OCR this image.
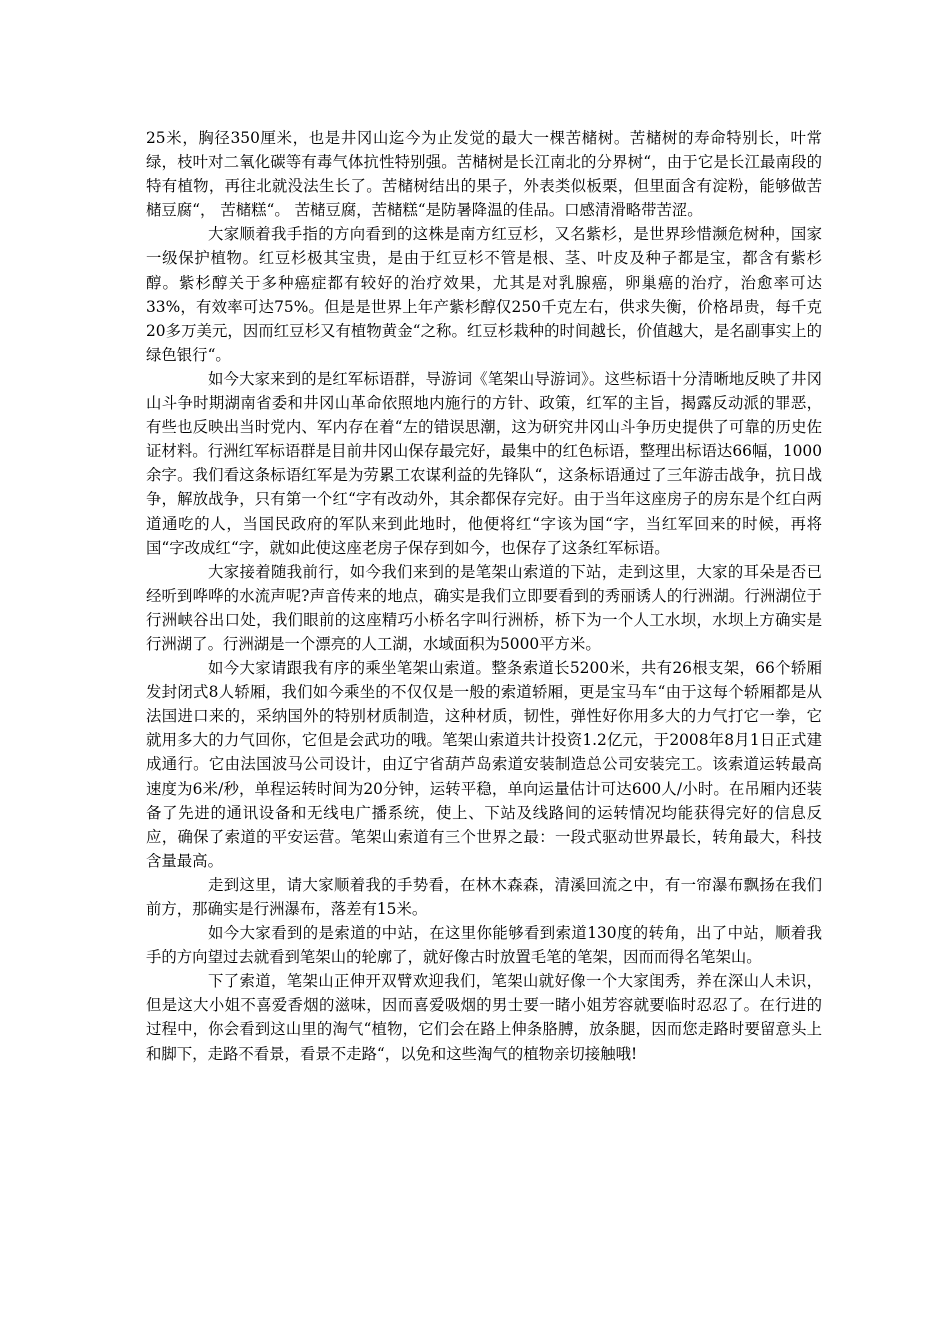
25米，胸径350厘米，也是井冈山迄今为止发觉的最大一棵苦槠树。苦槠树的寿命特别长，叶常绿，枝叶对二氧化碳等有毒气体抗性特别强。苦槠树是长江南北的分界树“，由于它是长江最南段的特有植物，再往北就没法生长了。苦槠树结出的果子，外表类似板栗，但里面含有淀粉，能够做苦槠豆腐“， 苦槠糕“。 苦槠豆腐，苦槠糕“是防暑降温的佳品。口感清滑略带苦涩。

大家顺着我手指的方向看到的这株是南方红豆杉，又名紫杉，是世界珍惜濒危树种，国家一级保护植物。红豆杉极其宝贵，是由于红豆杉不管是根、茎、叶皮及种子都是宝，都含有紫杉醇。紫杉醇关于多种癌症都有较好的治疗效果，尤其是对乳腺癌，卵巢癌的治疗，治愈率可达33%，有效率可达75%。但是是世界上年产紫杉醇仅250千克左右，供求失衡，价格昂贵，每千克20多万美元，因而红豆杉又有植物黄金“之称。红豆杉栽种的时间越长，价值越大，是名副事实上的绿色银行“。

如今大家来到的是红军标语群，导游词《笔架山导游词》。这些标语十分清晰地反映了井冈山斗争时期湖南省委和井冈山革命依照地内施行的方针、政策，红军的主旨，揭露反动派的罪恶，有些也反映出当时党内、军内存在着“左的错误思潮，这为研究井冈山斗争历史提供了可靠的历史佐证材料。行洲红军标语群是目前井冈山保存最完好，最集中的红色标语，整理出标语达66幅，1000余字。我们看这条标语红军是为劳累工农谋利益的先锋队“，这条标语通过了三年游击战争，抗日战争，解放战争，只有第一个红“字有改动外，其余都保存完好。由于当年这座房子的房东是个红白两道通吃的人，当国民政府的军队来到此地时，他便将红“字该为国“字，当红军回来的时候，再将国“字改成红“字，就如此使这座老房子保存到如今，也保存了这条红军标语。

大家接着随我前行，如今我们来到的是笔架山索道的下站，走到这里，大家的耳朵是否已经听到哗哗的水流声呢?声音传来的地点，确实是我们立即要看到的秀丽诱人的行洲湖。行洲湖位于行洲峡谷出口处，我们眼前的这座精巧小桥名字叫行洲桥，桥下为一个人工水坝，水坝上方确实是行洲湖了。行洲湖是一个漂亮的人工湖，水域面积为5000平方米。

如今大家请跟我有序的乘坐笔架山索道。整条索道长5200米，共有26根支架，66个轿厢发封闭式8人轿厢，我们如今乘坐的不仅仅是一般的索道轿厢，更是宝马车“由于这每个轿厢都是从法国进口来的，采纳国外的特别材质制造，这种材质，韧性，弹性好你用多大的力气打它一拳，它就用多大的力气回你，它但是会武功的哦。笔架山索道共计投资1.2亿元，于2008年8月1日正式建成通行。它由法国波马公司设计，由辽宁省葫芦岛索道安装制造总公司安装完工。该索道运转最高速度为6米/秒，单程运转时间为20分钟，运转平稳，单向运量估计可达600人/小时。在吊厢内还装备了先进的通讯设备和无线电广播系统，使上、下站及线路间的运转情况均能获得完好的信息反应，确保了索道的平安运营。笔架山索道有三个世界之最：一段式驱动世界最长，转角最大，科技含量最高。

走到这里，请大家顺着我的手势看，在林木森森，清溪回流之中，有一帘瀑布飘扬在我们前方，那确实是行洲瀑布，落差有15米。

如今大家看到的是索道的中站，在这里你能够看到索道130度的转角，出了中站，顺着我手的方向望过去就看到笔架山的轮廓了，就好像古时放置毛笔的笔架，因而而得名笔架山。

下了索道，笔架山正伸开双臂欢迎我们，笔架山就好像一个大家闺秀，养在深山人未识，但是这大小姐不喜爱香烟的滋味，因而喜爱吸烟的男士要一睹小姐芳容就要临时忍忍了。在行进的过程中，你会看到这山里的淘气“植物，它们会在路上伸条胳膊，放条腿，因而您走路时要留意头上和脚下，走路不看景，看景不走路“，以免和这些淘气的植物亲切接触哦!
